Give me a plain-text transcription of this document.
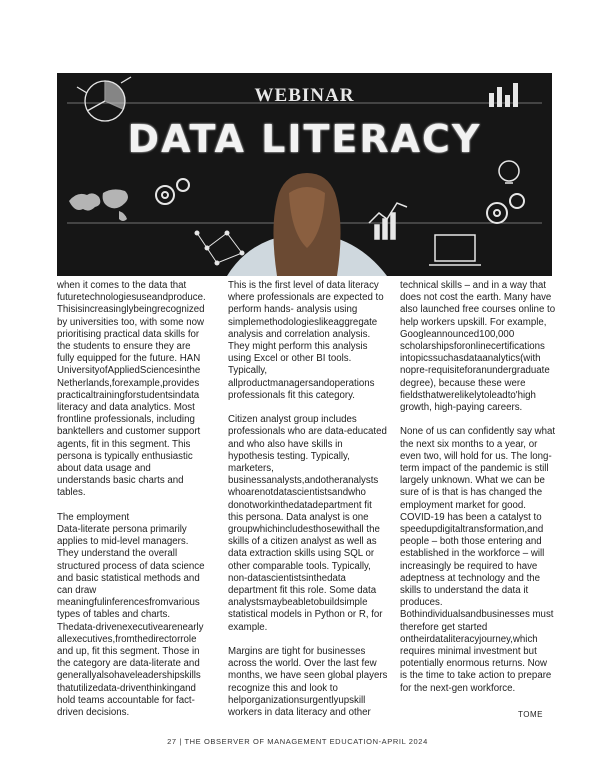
WEBINAR
DATA LITERACY

when it comes to the data that futuretechnologiesuseandproduce. Thisisincreasinglybeingrecognized by universities too, with some now prioritising practical data skills for the students to ensure they are fully equipped for the future. HAN UniversityofAppliedSciencesinthe Netherlands,forexample,provides practicaltrainingforstudentsindata literacy and data analytics. Most frontline professionals, including banktellers and customer support agents, fit in this segment. This persona is typically enthusiastic about data usage and understands basic charts and tables.

The employment

Data-literate persona primarily applies to mid-level managers. They understand the overall structured process of data science and basic statistical methods and can draw meaningfulinferencesfromvarious types of tables and charts. Thedata-drivenexecutivearenearly allexecutives,fromthedirectorrole and up, fit this segment. Those in the category are data-literate and generallyalsohaveleadershipskills thatutilizedata-driventhinkingand hold teams accountable for fact-driven decisions.

This is the first level of data literacy where professionals are expected to perform hands- analysis using simplemethodologieslikeaggregate analysis and correlation analysis. They might perform this analysis using Excel or other BI tools. Typically, allproductmanagersandoperations professionals fit this category.

Citizen analyst group includes professionals who are data-educated and who also have skills in hypothesis testing. Typically, marketers, businessanalysts,andotheranalysts whoarenotdatascientistsandwho donotworkinthedatadepartment fit this persona. Data analyst is one groupwhichincludesthosewithall the skills of a citizen analyst as well as data extraction skills using SQL or other comparable tools. Typically, non-datascientistsinthedata department fit this role. Some data analystsmaybeabletobuildsimple statistical models in Python or R, for example.

Margins are tight for businesses across the world. Over the last few months, we have seen global players recognize this and look to helporganizationsurgentlyupskill workers in data literacy and other

technical skills – and in a way that does not cost the earth. Many have also launched free courses online to help workers upskill. For example, Googleannounced100,000 scholarshipsforonlinecertifications intopicssuchasdataanalytics(with nopre-requisiteforanundergraduate degree), because these were fieldsthatwerelikelytoleadto'high growth, high-paying careers.

None of us can confidently say what the next six months to a year, or even two, will hold for us. The long-term impact of the pandemic is still largely unknown. What we can be sure of is that is has changed the employment market for good. COVID-19 has been a catalyst to speedupdigitaltransformation,and people – both those entering and established in the workforce – will increasingly be required to have adeptness at technology and the skills to understand the data it produces. Bothindividualsandbusinesses must therefore get started ontheirdataliteracyjourney,which requires minimal investment but potentially enormous returns. Now is the time to take action to prepare for the next-gen workforce.

TOME
27 | THE OBSERVER OF MANAGEMENT EDUCATION-APRIL 2024
